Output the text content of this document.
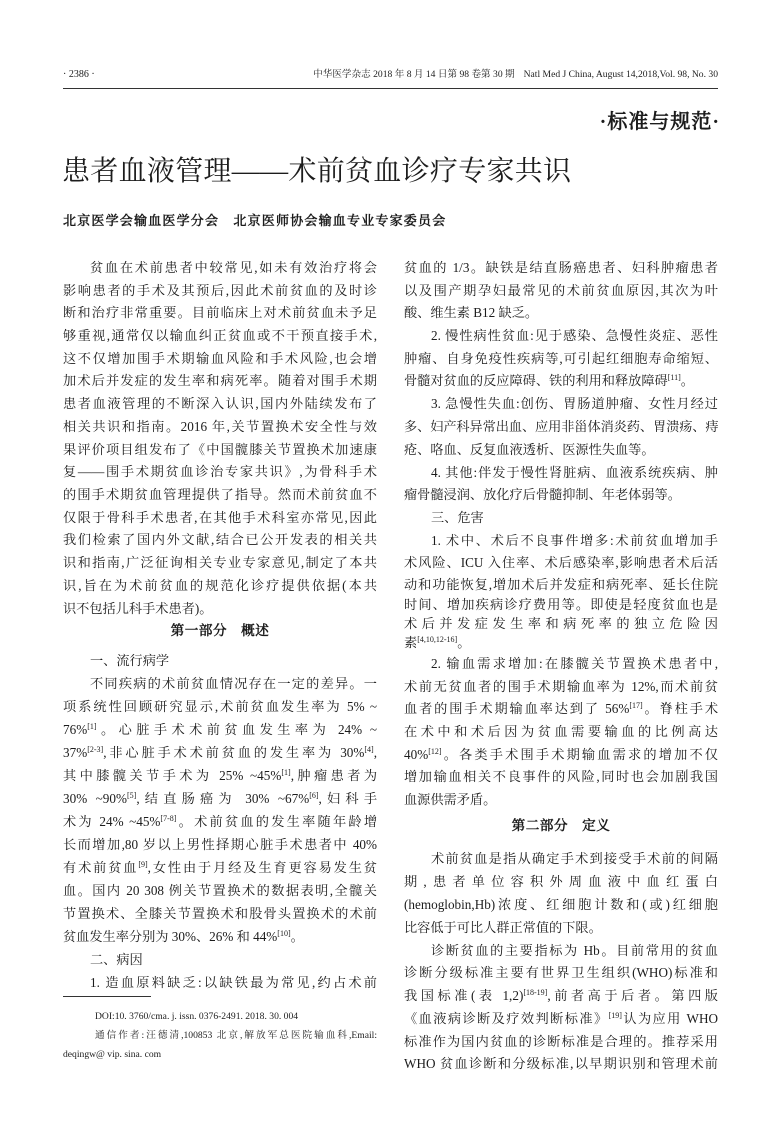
· 2386 ·	中华医学杂志 2018 年 8 月 14 日第 98 卷第 30 期 Natl Med J China, August 14,2018,Vol. 98, No. 30
·标准与规范·
患者血液管理——术前贫血诊疗专家共识
北京医学会输血医学分会　北京医师协会输血专业专家委员会
贫血在术前患者中较常见,如未有效治疗将会
影响患者的手术及其预后,因此术前贫血的及时诊
断和治疗非常重要。目前临床上对术前贫血未予足
够重视,通常仅以输血纠正贫血或不干预直接手术,
这不仅增加围手术期输血风险和手术风险,也会增
加术后并发症的发生率和病死率。随着对围手术期
患者血液管理的不断深入认识,国内外陆续发布了
相关共识和指南。2016 年,关节置换术安全性与效
果评价项目组发布了《中国髋膝关节置换术加速康
复——围手术期贫血诊治专家共识》,为骨科手术
的围手术期贫血管理提供了指导。然而术前贫血不
仅限于骨科手术患者,在其他手术科室亦常见,因此
我们检索了国内外文献,结合已公开发表的相关共
识和指南,广泛征询相关专业专家意见,制定了本共
识,旨在为术前贫血的规范化诊疗提供依据(本共
识不包括儿科手术患者)。
第一部分　概述
一、流行病学
不同疾病的术前贫血情况存在一定的差异。一
项系统性回顾研究显示,术前贫血发生率为 5% ~
76%[1]。心脏手术术前贫血发生率为 24% ~
37%[2-3],非心脏手术术前贫血的发生率为 30%[4],
其中膝髋关节手术为 25% ~45%[1],肿瘤患者为
30% ~90%[5],结直肠癌为 30% ~67%[6],妇科手
术为 24% ~45%[7-8]。术前贫血的发生率随年龄增
长而增加,80 岁以上男性择期心脏手术患者中 40%
有术前贫血[9],女性由于月经及生育更容易发生贫
血。国内 20 308 例关节置换术的数据表明,全髋关
节置换术、全膝关节置换术和股骨头置换术的术前
贫血发生率分别为 30%、26% 和 44%[10]。
二、病因
1. 造血原料缺乏:以缺铁最为常见,约占术前
DOI:10. 3760/cma. j. issn. 0376-2491. 2018. 30. 004
通信作者:汪德清,100853 北京,解放军总医院输血科,Email:
deqingw@ vip. sina. com
贫血的 1/3。缺铁是结直肠癌患者、妇科肿瘤患者
以及围产期孕妇最常见的术前贫血原因,其次为叶
酸、维生素 B12 缺乏。
2. 慢性病性贫血:见于感染、急慢性炎症、恶性
肿瘤、自身免疫性疾病等,可引起红细胞寿命缩短、
骨髓对贫血的反应障碍、铁的利用和释放障碍[11]。
3. 急慢性失血:创伤、胃肠道肿瘤、女性月经过
多、妇产科异常出血、应用非甾体消炎药、胃溃疡、痔
疮、咯血、反复血液透析、医源性失血等。
4. 其他:伴发于慢性肾脏病、血液系统疾病、肿
瘤骨髓浸润、放化疗后骨髓抑制、年老体弱等。
三、危害
1. 术中、术后不良事件增多:术前贫血增加手
术风险、ICU 入住率、术后感染率,影响患者术后活
动和功能恢复,增加术后并发症和病死率、延长住院
时间、增加疾病诊疗费用等。即使是轻度贫血也是
术后并发症发生率和病死率的独立危险因
素[4,10,12-16]。
2. 输血需求增加:在膝髋关节置换术患者中,
术前无贫血者的围手术期输血率为 12%,而术前贫
血者的围手术期输血率达到了 56%[17]。脊柱手术
在术中和术后因为贫血需要输血的比例高达
40%[12]。各类手术围手术期输血需求的增加不仅
增加输血相关不良事件的风险,同时也会加剧我国
血源供需矛盾。
第二部分　定义
术前贫血是指从确定手术到接受手术前的间隔
期,患者单位容积外周血液中血红蛋白
(hemoglobin,Hb)浓度、红细胞计数和(或)红细胞
比容低于可比人群正常值的下限。
诊断贫血的主要指标为 Hb。目前常用的贫血
诊断分级标准主要有世界卫生组织(WHO)标准和
我国标准(表 1,2)[18-19],前者高于后者。第四版
《血液病诊断及疗效判断标准》[19]认为应用 WHO
标准作为国内贫血的诊断标准是合理的。推荐采用
WHO 贫血诊断和分级标准,以早期识别和管理术前
